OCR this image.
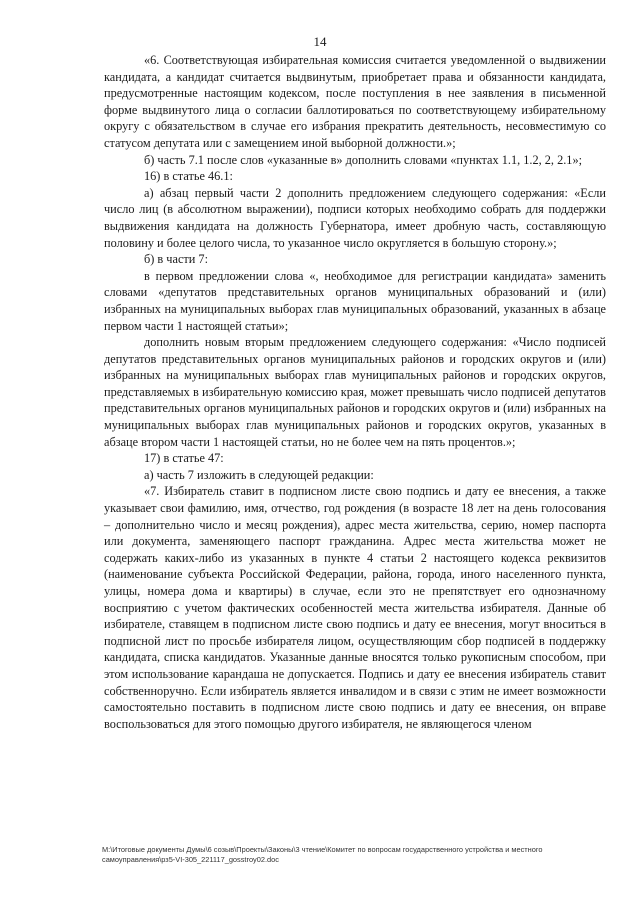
14

«6. Соответствующая избирательная комиссия считается уведомленной о выдвижении кандидата, а кандидат считается выдвинутым, приобретает права и обязанности кандидата, предусмотренные настоящим кодексом, после поступления в нее заявления в письменной форме выдвинутого лица о согласии баллотироваться по соответствующему избирательному округу с обязательством в случае его избрания прекратить деятельность, несовместимую со статусом депутата или с замещением иной выборной должности.»;

б) часть 7.1 после слов «указанные в» дополнить словами «пунктах 1.1, 1.2, 2, 2.1»;

16) в статье 46.1:

а) абзац первый части 2 дополнить предложением следующего содержания: «Если число лиц (в абсолютном выражении), подписи которых необходимо собрать для поддержки выдвижения кандидата на должность Губернатора, имеет дробную часть, составляющую половину и более целого числа, то указанное число округляется в большую сторону.»;

б) в части 7:

в первом предложении слова «, необходимое для регистрации кандидата» заменить словами «депутатов представительных органов муниципальных образований и (или) избранных на муниципальных выборах глав муниципальных образований, указанных в абзаце первом части 1 настоящей статьи»;

дополнить новым вторым предложением следующего содержания: «Число подписей депутатов представительных органов муниципальных районов и городских округов и (или) избранных на муниципальных выборах глав муниципальных районов и городских округов, представляемых в избирательную комиссию края, может превышать число подписей депутатов представительных органов муниципальных районов и городских округов и (или) избранных на муниципальных выборах глав муниципальных районов и городских округов, указанных в абзаце втором части 1 настоящей статьи, но не более чем на пять процентов.»;

17) в статье 47:

а) часть 7 изложить в следующей редакции:

«7. Избиратель ставит в подписном листе свою подпись и дату ее внесения, а также указывает свои фамилию, имя, отчество, год рождения (в возрасте 18 лет на день голосования – дополнительно число и месяц рождения), адрес места жительства, серию, номер паспорта или документа, заменяющего паспорт гражданина. Адрес места жительства может не содержать каких-либо из указанных в пункте 4 статьи 2 настоящего кодекса реквизитов (наименование субъекта Российской Федерации, района, города, иного населенного пункта, улицы, номера дома и квартиры) в случае, если это не препятствует его однозначному восприятию с учетом фактических особенностей места жительства избирателя. Данные об избирателе, ставящем в подписном листе свою подпись и дату ее внесения, могут вноситься в подписной лист по просьбе избирателя лицом, осуществляющим сбор подписей в поддержку кандидата, списка кандидатов. Указанные данные вносятся только рукописным способом, при этом использование карандаша не допускается. Подпись и дату ее внесения избиратель ставит собственноручно. Если избиратель является инвалидом и в связи с этим не имеет возможности самостоятельно поставить в подписном листе свою подпись и дату ее внесения, он вправе воспользоваться для этого помощью другого избирателя, не являющегося членом

M:\Итоговые документы Думы\6 созыв\Проекты\Законы\3 чтение\Комитет по вопросам государственного устройства и местного самоуправления\рз5-VI-305_221117_gosstroy02.doc
